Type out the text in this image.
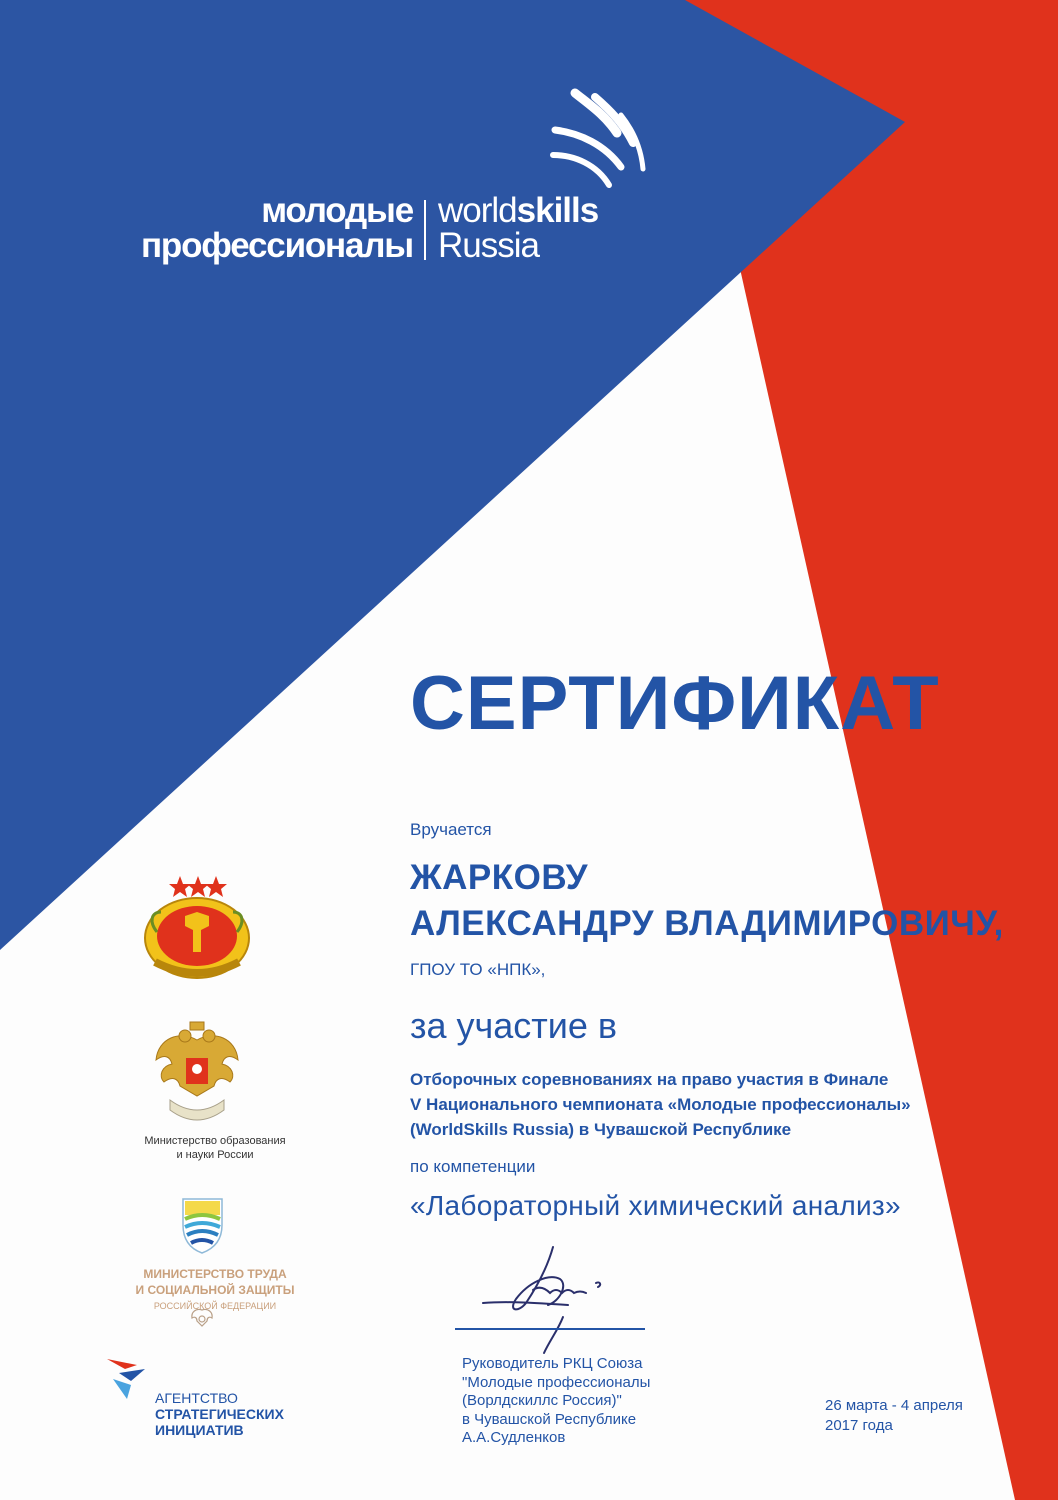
молодые
профессионалы
worldskills
Russia
СЕРТИФИКАТ
Вручается
ЖАРКОВУ
АЛЕКСАНДРУ ВЛАДИМИРОВИЧУ,
ГПОУ ТО «НПК»,
за участие в
Отборочных соревнованиях на право участия в Финале
V Национального чемпионата «Молодые профессионалы»
(WorldSkills Russia) в Чувашской Республике
по компетенции
«Лабораторный химический анализ»
Руководитель РКЦ Союза
"Молодые профессионалы
(Ворлдскиллс Россия)"
в Чувашской Республике
А.А.Судленков
26 марта - 4 апреля
2017 года
Министерство образования
и науки России
МИНИСТЕРСТВО ТРУДА
И СОЦИАЛЬНОЙ ЗАЩИТЫ
РОССИЙСКОЙ ФЕДЕРАЦИИ
АГЕНТСТВО
СТРАТЕГИЧЕСКИХ
ИНИЦИАТИВ
